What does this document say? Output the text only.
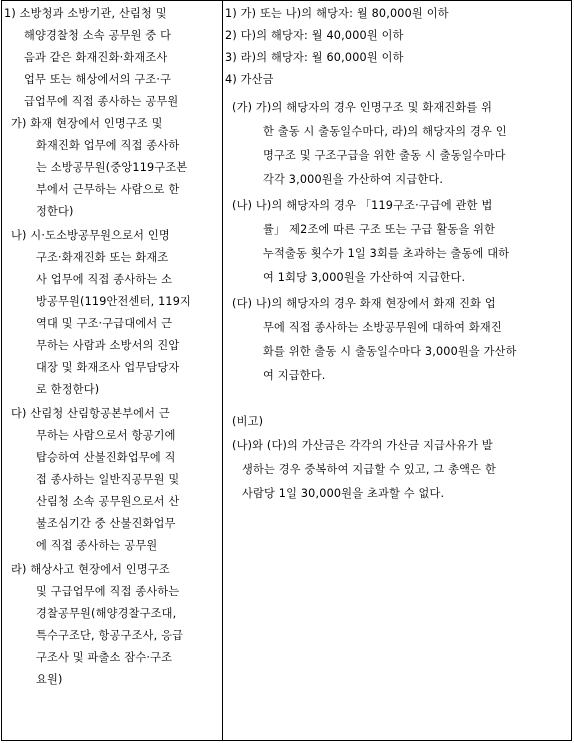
1) 소방청과 소방기관, 산림청 및
해양경찰청 소속 공무원 중 다
음과 같은 화재진화·화재조사
업무 또는 해상에서의 구조·구
급업무에 직접 종사하는 공무원
가) 화재 현장에서 인명구조 및
화재진화 업무에 직접 종사하
는 소방공무원(중앙119구조본
부에서 근무하는 사람으로 한
정한다)
나) 시·도소방공무원으로서 인명
구조·화재진화 또는 화재조
사 업무에 직접 종사하는 소
방공무원(119안전센터, 119지
역대 및 구조·구급대에서 근
무하는 사람과 소방서의 진압
대장 및 화재조사 업무담당자
로 한정한다)
다) 산림청 산림항공본부에서 근
무하는 사람으로서 항공기에
탑승하여 산불진화업무에 직
접 종사하는 일반직공무원 및
산림청 소속 공무원으로서 산
불조심기간 중 산불진화업무
에 직접 종사하는 공무원
라) 해상사고 현장에서 인명구조
및 구급업무에 직접 종사하는
경찰공무원(해양경찰구조대,
특수구조단, 항공구조사, 응급
구조사 및 파출소 잠수·구조
요원)
1) 가) 또는 나)의 해당자: 월 80,000원 이하
2) 다)의 해당자: 월 40,000원 이하
3) 라)의 해당자: 월 60,000원 이하
4) 가산금
(가) 가)의 해당자의 경우 인명구조 및 화재진화를 위
한 출동 시 출동일수마다, 라)의 해당자의 경우 인
명구조 및 구조구급을 위한 출동 시 출동일수마다
각각 3,000원을 가산하여 지급한다.
(나) 나)의 해당자의 경우 「119구조·구급에 관한 법
률」 제2조에 따른 구조 또는 구급 활동을 위한
누적출동 횟수가 1일 3회를 초과하는 출동에 대하
여 1회당 3,000원을 가산하여 지급한다.
(다) 나)의 해당자의 경우 화재 현장에서 화재 진화 업
무에 직접 종사하는 소방공무원에 대하여 화재진
화를 위한 출동 시 출동일수마다 3,000원을 가산하
여 지급한다.
(비고)
(나)와 (다)의 가산금은 각각의 가산금 지급사유가 발
생하는 경우 중복하여 지급할 수 있고, 그 총액은 한
사람당 1일 30,000원을 초과할 수 없다.
